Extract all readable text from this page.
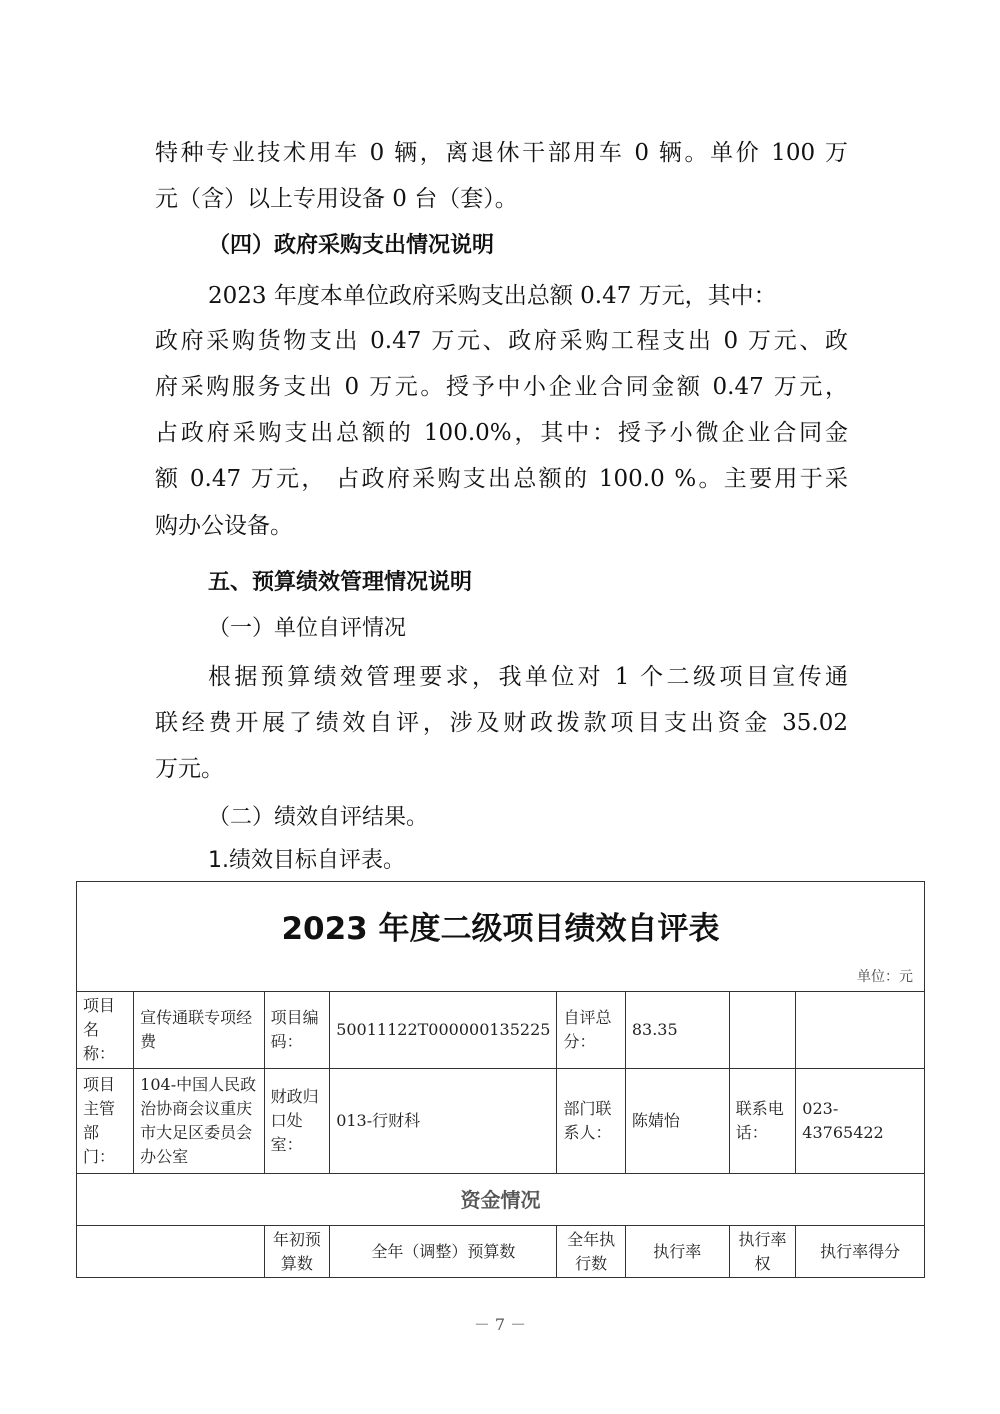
特种专业技术用车 0 辆，离退休干部用车 0 辆。单价 100 万
元（含）以上专用设备 0 台（套）。
（四）政府采购支出情况说明
2023 年度本单位政府采购支出总额 0.47 万元，其中：
政府采购货物支出 0.47 万元、政府采购工程支出 0 万元、政
府采购服务支出 0 万元。授予中小企业合同金额 0.47 万元，
占政府采购支出总额的 100.0%，其中：授予小微企业合同金
额 0.47 万元， 占政府采购支出总额的 100.0 %。主要用于采
购办公设备。
五、预算绩效管理情况说明
（一）单位自评情况
根据预算绩效管理要求，我单位对 1 个二级项目宣传通
联经费开展了绩效自评，涉及财政拨款项目支出资金 35.02
万元。
（二）绩效自评结果。
1.绩效目标自评表。
2023 年度二级项目绩效自评表
单位：元
项目名称：	宣传通联专项经费	项目编码：	50011122T000000135225	自评总分：	83.35		
项目主管部门：	104-中国人民政治协商会议重庆市大足区委员会办公室	财政归口处室：	013-行财科	部门联系人：	陈婧怡	联系电话：	023-43765422
资金情况							
		年初预算数	全年（调整）预算数	全年执行数	执行率	执行率权	执行率得分
－ 7 －
